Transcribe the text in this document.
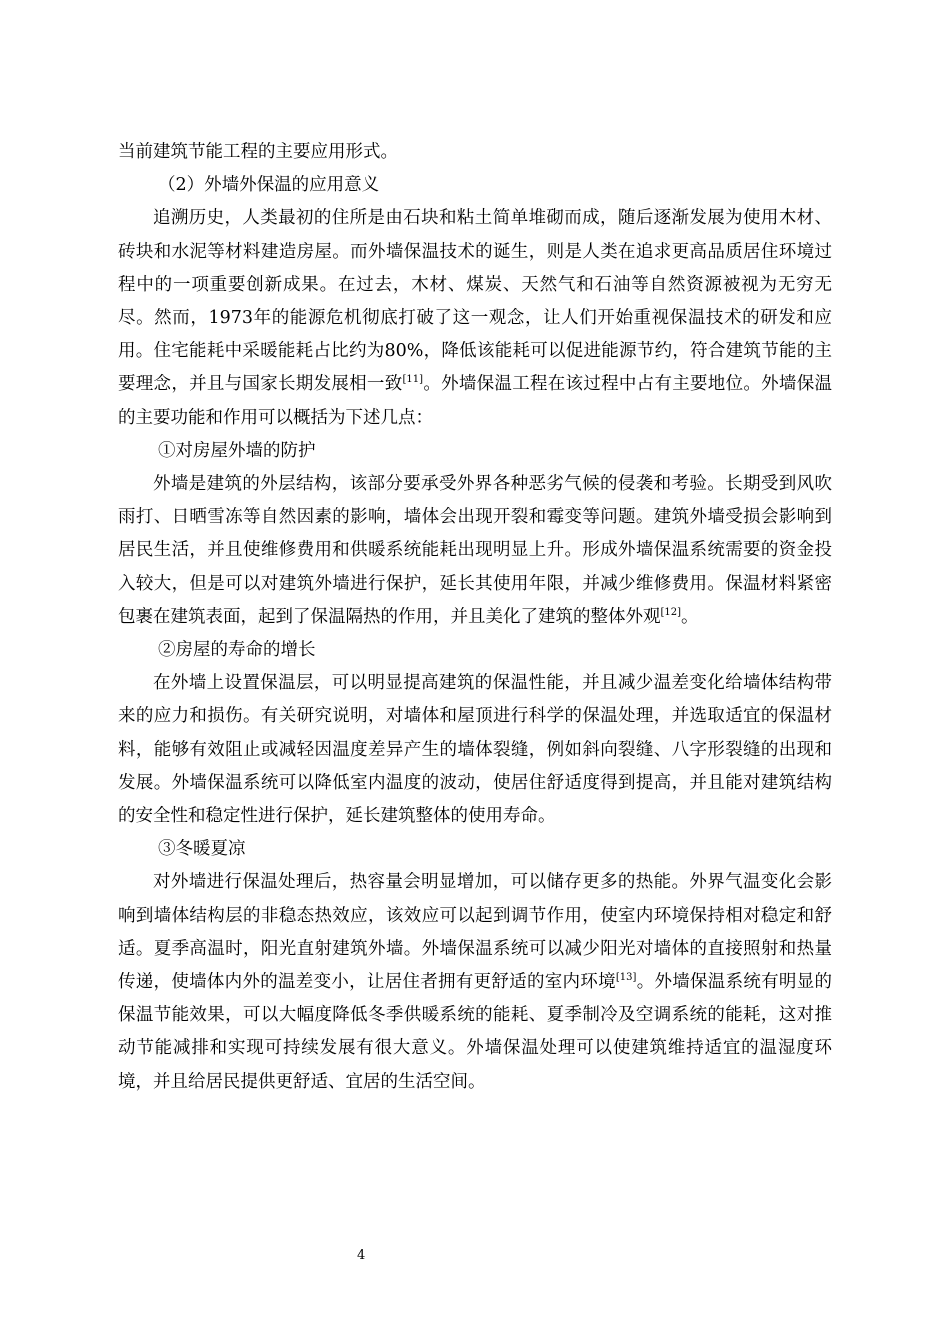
当前建筑节能工程的主要应用形式。

（2）外墙外保温的应用意义

追溯历史，人类最初的住所是由石块和粘土简单堆砌而成，随后逐渐发展为使用木材、砖块和水泥等材料建造房屋。而外墙保温技术的诞生，则是人类在追求更高品质居住环境过程中的一项重要创新成果。在过去，木材、煤炭、天然气和石油等自然资源被视为无穷无尽。然而，1973年的能源危机彻底打破了这一观念，让人们开始重视保温技术的研发和应用。住宅能耗中采暖能耗占比约为80%，降低该能耗可以促进能源节约，符合建筑节能的主要理念，并且与国家长期发展相一致[11]。外墙保温工程在该过程中占有主要地位。外墙保温的主要功能和作用可以概括为下述几点：

①对房屋外墙的防护

外墙是建筑的外层结构，该部分要承受外界各种恶劣气候的侵袭和考验。长期受到风吹雨打、日晒雪冻等自然因素的影响，墙体会出现开裂和霉变等问题。建筑外墙受损会影响到居民生活，并且使维修费用和供暖系统能耗出现明显上升。形成外墙保温系统需要的资金投入较大，但是可以对建筑外墙进行保护，延长其使用年限，并减少维修费用。保温材料紧密包裹在建筑表面，起到了保温隔热的作用，并且美化了建筑的整体外观[12]。

②房屋的寿命的增长

在外墙上设置保温层，可以明显提高建筑的保温性能，并且减少温差变化给墙体结构带来的应力和损伤。有关研究说明，对墙体和屋顶进行科学的保温处理，并选取适宜的保温材料，能够有效阻止或减轻因温度差异产生的墙体裂缝，例如斜向裂缝、八字形裂缝的出现和发展。外墙保温系统可以降低室内温度的波动，使居住舒适度得到提高，并且能对建筑结构的安全性和稳定性进行保护，延长建筑整体的使用寿命。

③冬暖夏凉

对外墙进行保温处理后，热容量会明显增加，可以储存更多的热能。外界气温变化会影响到墙体结构层的非稳态热效应，该效应可以起到调节作用，使室内环境保持相对稳定和舒适。夏季高温时，阳光直射建筑外墙。外墙保温系统可以减少阳光对墙体的直接照射和热量传递，使墙体内外的温差变小，让居住者拥有更舒适的室内环境[13]。外墙保温系统有明显的保温节能效果，可以大幅度降低冬季供暖系统的能耗、夏季制冷及空调系统的能耗，这对推动节能减排和实现可持续发展有很大意义。外墙保温处理可以使建筑维持适宜的温湿度环境，并且给居民提供更舒适、宜居的生活空间。

4
